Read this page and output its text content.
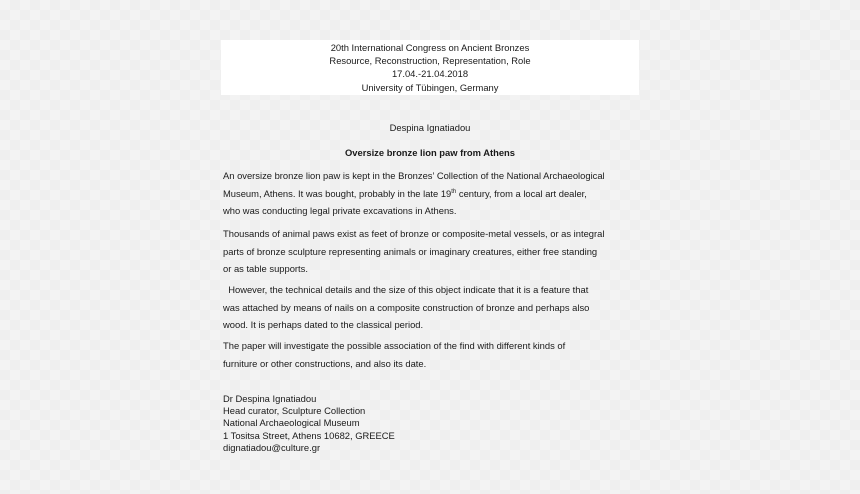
20th International Congress on Ancient Bronzes
Resource, Reconstruction, Representation, Role
17.04.-21.04.2018
University of Tübingen, Germany
Despina Ignatiadou
Oversize bronze lion paw from Athens
An oversize bronze lion paw is kept in the Bronzes’ Collection of the National Archaeological
Museum, Athens. It was bought, probably in the late 19th century, from a local art dealer,
who was conducting legal private excavations in Athens.
Thousands of animal paws exist as feet of bronze or composite-metal vessels, or as integral
parts of bronze sculpture representing animals or imaginary creatures, either free standing
or as table supports.
However, the technical details and the size of this object indicate that it is a feature that
was attached by means of nails on a composite construction of bronze and perhaps also
wood. It is perhaps dated to the classical period.
The paper will investigate the possible association of the find with different kinds of
furniture or other constructions, and also its date.
Dr Despina Ignatiadou
Head curator, Sculpture Collection
National Archaeological Museum
1 Tositsa Street, Athens 10682, GREECE
dignatiadou@culture.gr
